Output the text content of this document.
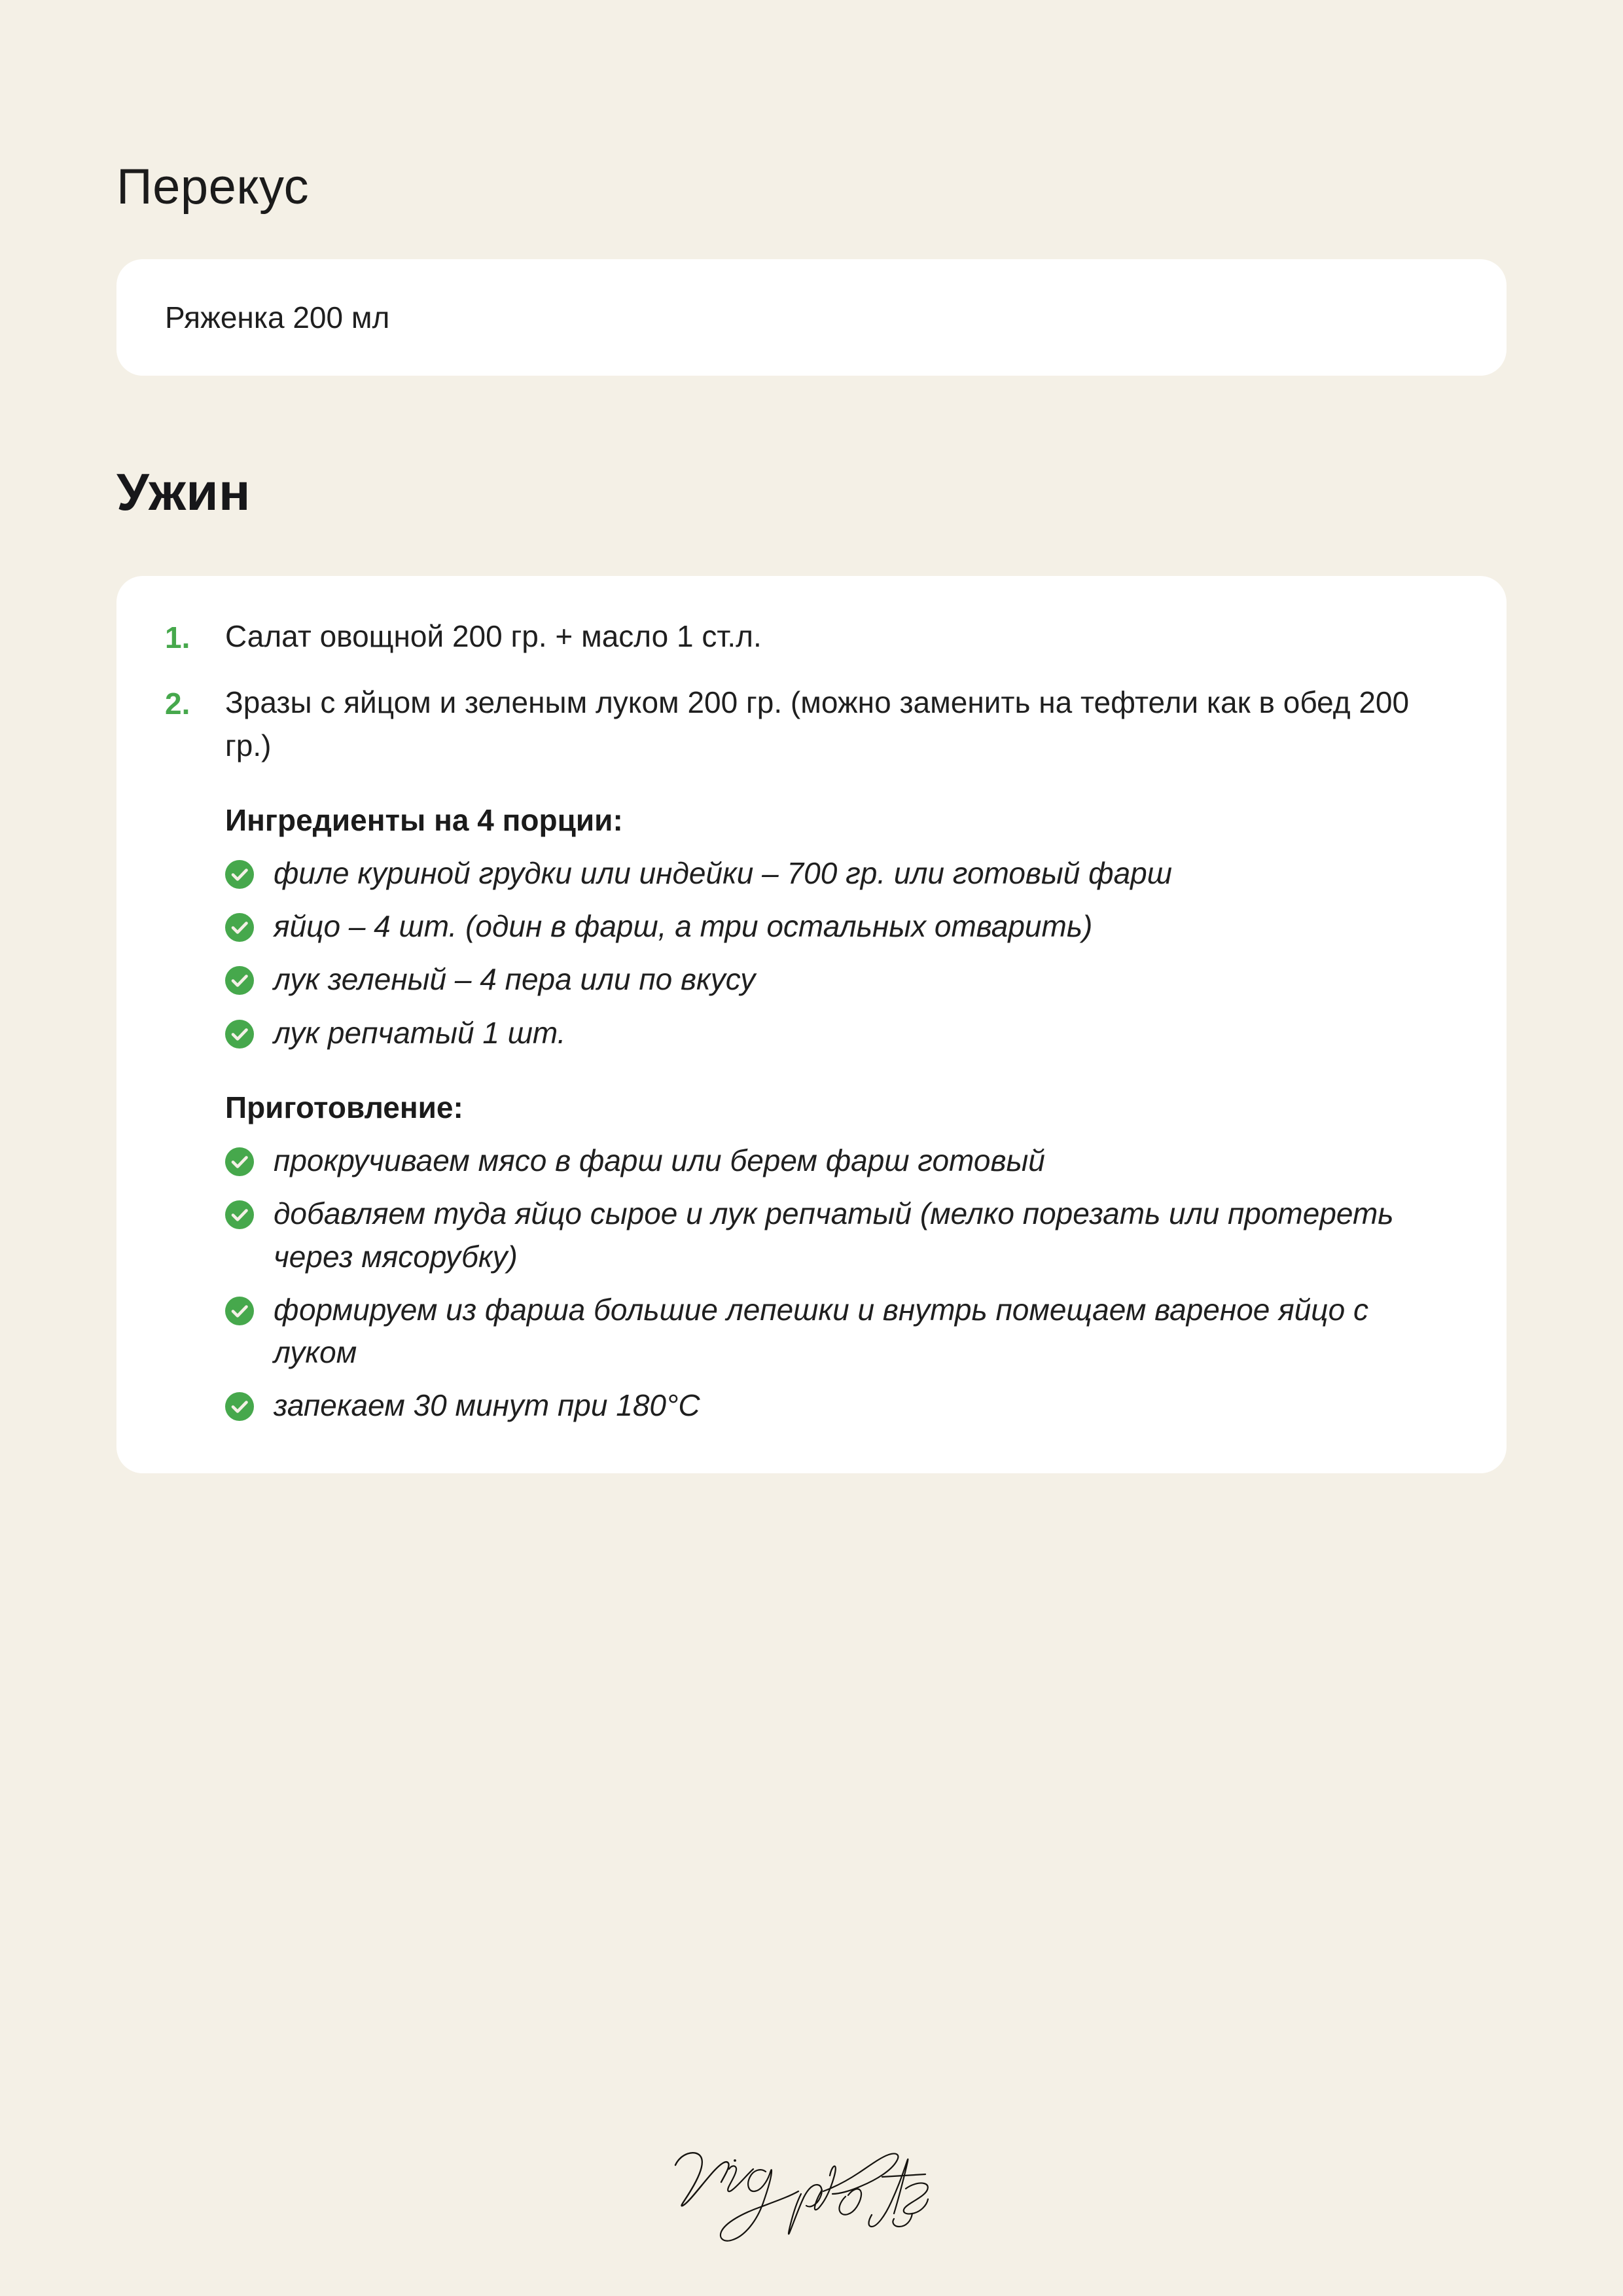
Перекус
Ряженка 200 мл
Ужин
1.	Салат овощной 200 гр. + масло 1 ст.л.

2.	Зразы с яйцом и зеленым луком 200 гр. (можно заменить на тефтели как в обед 200 гр.)

Ингредиенты на 4 порции:
филе куриной грудки или индейки – 700 гр. или готовый фарш
яйцо – 4 шт. (один в фарш, а три остальных отварить)
лук зеленый – 4 пера или по вкусу
лук репчатый 1 шт.
Приготовление:
прокручиваем мясо в фарш или берем фарш готовый
добавляем туда яйцо сырое и лук репчатый (мелко порезать или протереть через мясорубку)
формируем из фарша большие лепешки и внутрь помещаем вареное яйцо с луком
запекаем 30 минут при 180°C
